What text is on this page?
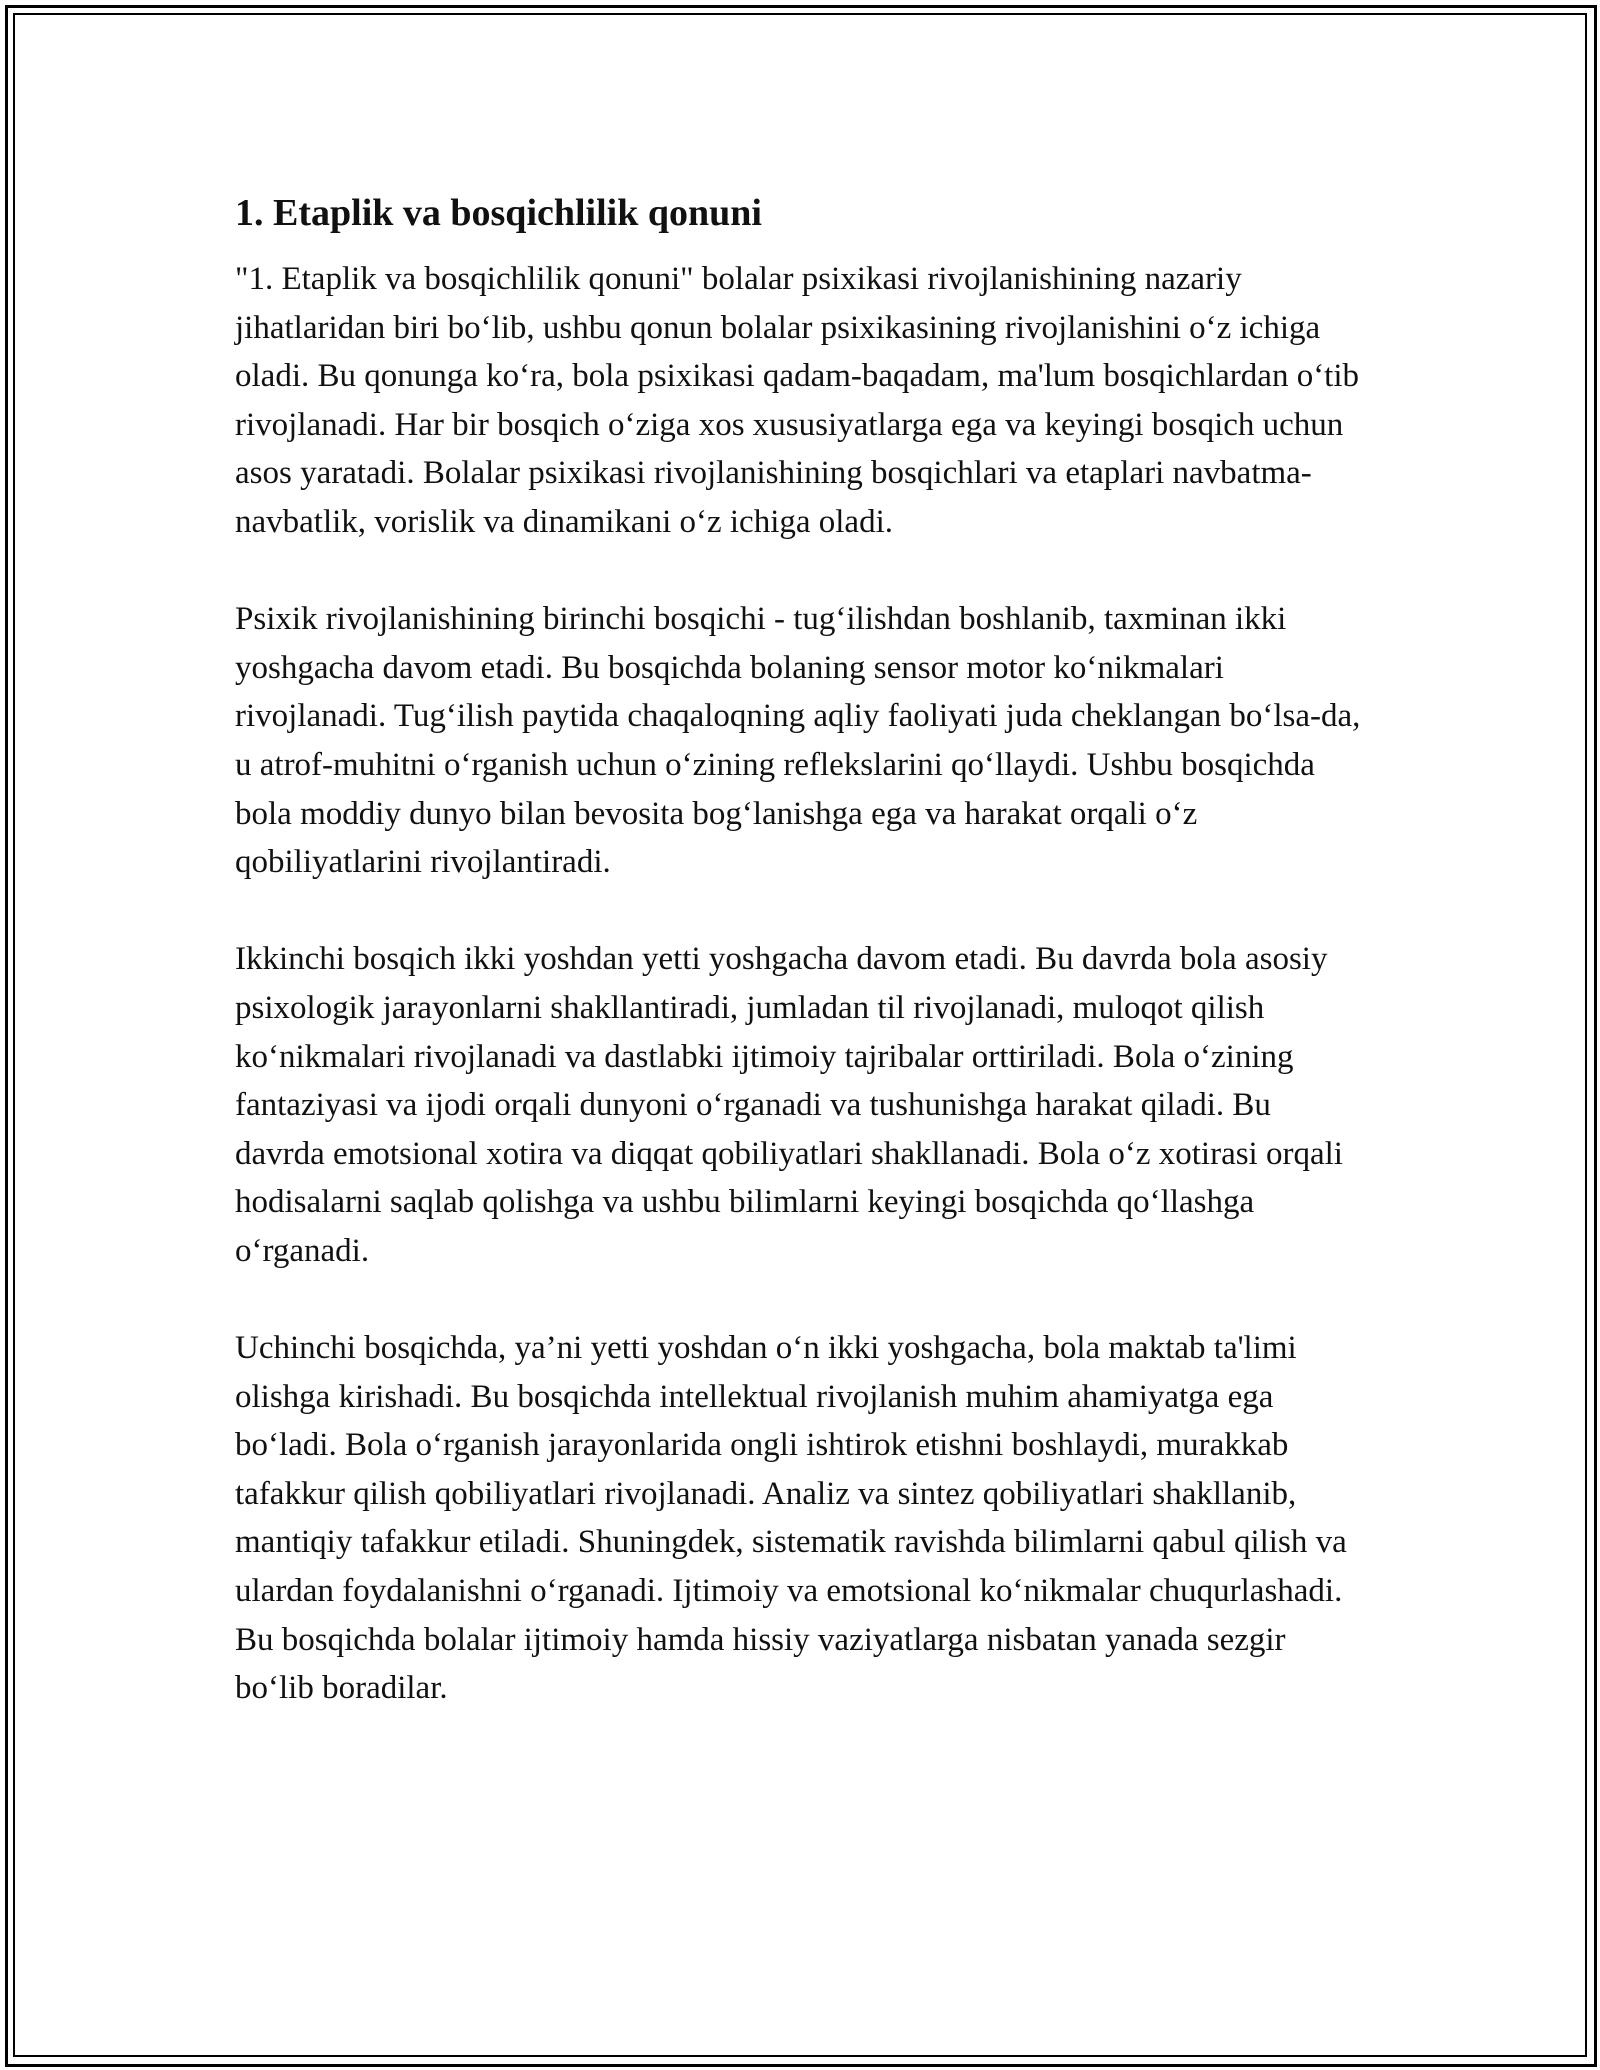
1. Etaplik va bosqichlilik qonuni

"1. Etaplik va bosqichlilik qonuni" bolalar psixikasi rivojlanishining nazariy jihatlaridan biri bo‘lib, ushbu qonun bolalar psixikasining rivojlanishini o‘z ichiga oladi. Bu qonunga ko‘ra, bola psixikasi qadam-baqadam, ma'lum bosqichlardan o‘tib rivojlanadi. Har bir bosqich o‘ziga xos xususiyatlarga ega va keyingi bosqich uchun asos yaratadi. Bolalar psixikasi rivojlanishining bosqichlari va etaplari navbatma-navbatlik, vorislik va dinamikani o‘z ichiga oladi.

Psixik rivojlanishining birinchi bosqichi - tug‘ilishdan boshlanib, taxminan ikki yoshgacha davom etadi. Bu bosqichda bolaning sensor motor ko‘nikmalari rivojlanadi. Tug‘ilish paytida chaqaloqning aqliy faoliyati juda cheklangan bo‘lsa-da, u atrof-muhitni o‘rganish uchun o‘zining reflekslarini qo‘llaydi. Ushbu bosqichda bola moddiy dunyo bilan bevosita bog‘lanishga ega va harakat orqali o‘z qobiliyatlarini rivojlantiradi.

Ikkinchi bosqich ikki yoshdan yetti yoshgacha davom etadi. Bu davrda bola asosiy psixologik jarayonlarni shakllantiradi, jumladan til rivojlanadi, muloqot qilish ko‘nikmalari rivojlanadi va dastlabki ijtimoiy tajribalar orttiriladi. Bola o‘zining fantaziyasi va ijodi orqali dunyoni o‘rganadi va tushunishga harakat qiladi. Bu davrda emotsional xotira va diqqat qobiliyatlari shakllanadi. Bola o‘z xotirasi orqali hodisalarni saqlab qolishga va ushbu bilimlarni keyingi bosqichda qo‘llashga o‘rganadi.

Uchinchi bosqichda, ya’ni yetti yoshdan o‘n ikki yoshgacha, bola maktab ta'limi olishga kirishadi. Bu bosqichda intellektual rivojlanish muhim ahamiyatga ega bo‘ladi. Bola o‘rganish jarayonlarida ongli ishtirok etishni boshlaydi, murakkab tafakkur qilish qobiliyatlari rivojlanadi. Analiz va sintez qobiliyatlari shakllanib, mantiqiy tafakkur etiladi. Shuningdek, sistematik ravishda bilimlarni qabul qilish va ulardan foydalanishni o‘rganadi. Ijtimoiy va emotsional ko‘nikmalar chuqurlashadi. Bu bosqichda bolalar ijtimoiy hamda hissiy vaziyatlarga nisbatan yanada sezgir bo‘lib boradilar.
